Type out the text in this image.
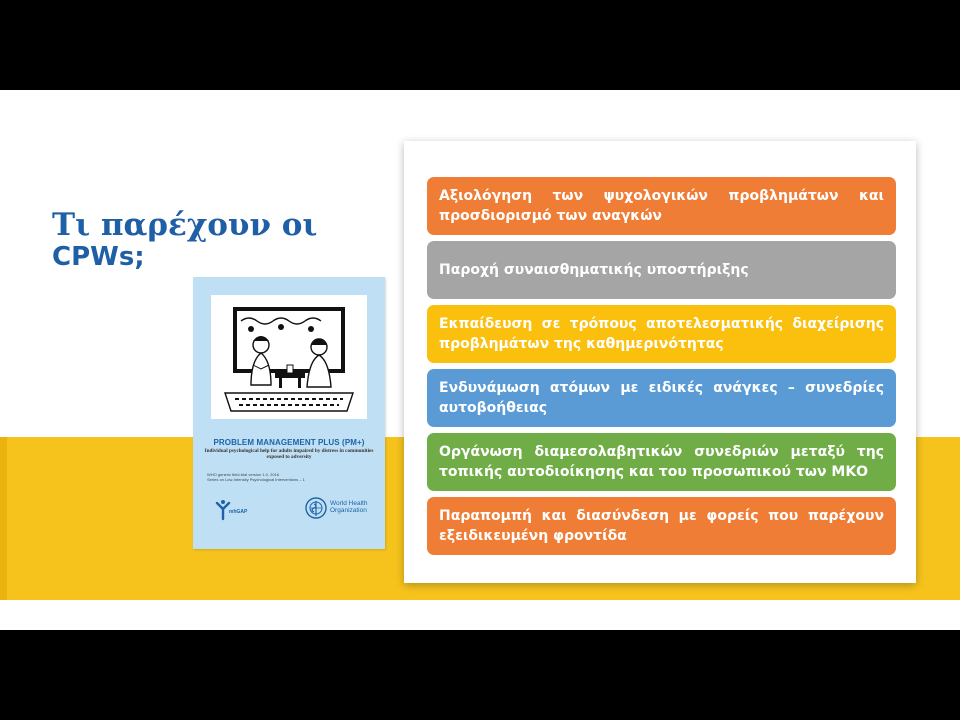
Τι παρέχουν οι
CPWs;
PROBLEM MANAGEMENT PLUS (PM+)
Individual psychological help for adults impaired by distress in communities exposed to adversity
WHO generic field-trial version 1.0, 2016
Series on Low-Intensity Psychological Interventions – 1
mhGAP
World Health
Organization
Αξιολόγηση των ψυχολογικών προβλημάτων και προσδιορισμό των αναγκών
Παροχή συναισθηματικής υποστήριξης
Εκπαίδευση σε τρόπους αποτελεσματικής διαχείρισης προβλημάτων της καθημερινότητας
Ενδυνάμωση ατόμων με ειδικές ανάγκες – συνεδρίες αυτοβοήθειας
Οργάνωση διαμεσολαβητικών συνεδριών μεταξύ της τοπικής αυτοδιοίκησης και του προσωπικού των ΜΚΟ
Παραπομπή και διασύνδεση με φορείς που παρέχουν εξειδικευμένη φροντίδα
